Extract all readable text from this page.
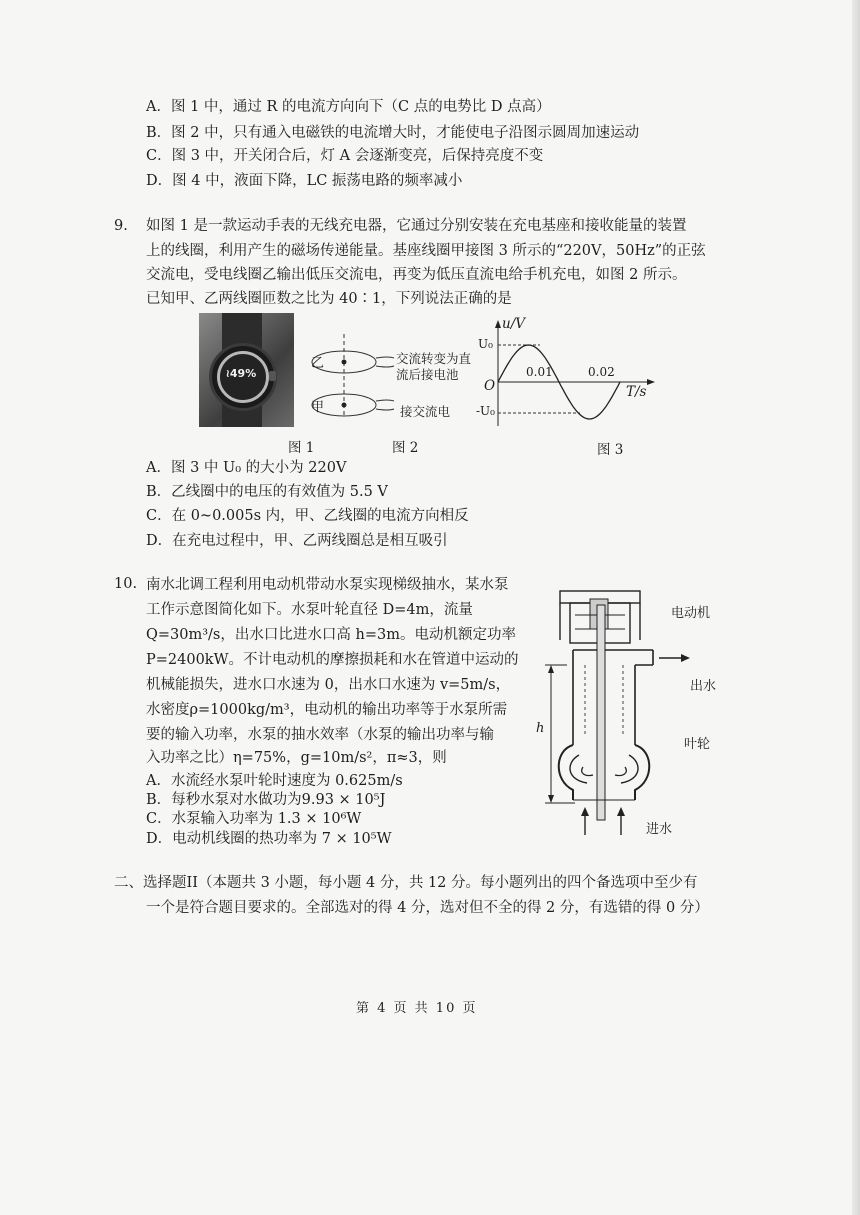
A．图 1 中，通过 R 的电流方向向下（C 点的电势比 D 点高）
B．图 2 中，只有通入电磁铁的电流增大时，才能使电子沿图示圆周加速运动
C．图 3 中，开关闭合后，灯 A 会逐渐变亮，后保持亮度不变
D．图 4 中，液面下降，LC 振荡电路的频率减小
9. 如图 1 是一款运动手表的无线充电器，它通过分别安装在充电基座和接收能量的装置
上的线圈，利用产生的磁场传递能量。基座线圈甲接图 3 所示的“220V，50Hz”的正弦
交流电，受电线圈乙输出低压交流电，再变为低压直流电给手机充电，如图 2 所示。
已知甲、乙两线圈匝数之比为 40∶1，下列说法正确的是
≀49%
乙
甲
交流转变为直
流后接电池
接交流电
u/V
U₀
-U₀
O
0.01	0.02
T/s
图 1	图 2	图 3
A．图 3 中 U₀ 的大小为 220V
B．乙线圈中的电压的有效值为 5.5 V
C．在 0~0.005s 内，甲、乙线圈的电流方向相反
D．在充电过程中，甲、乙两线圈总是相互吸引
10. 南水北调工程利用电动机带动水泵实现梯级抽水，某水泵
工作示意图简化如下。水泵叶轮直径 D=4m，流量
Q=30m³/s，出水口比进水口高 h=3m。电动机额定功率
P=2400kW。不计电动机的摩擦损耗和水在管道中运动的
机械能损失，进水口水速为 0，出水口水速为 v=5m/s，
水密度ρ=1000kg/m³，电动机的输出功率等于水泵所需
要的输入功率，水泵的抽水效率（水泵的输出功率与输
入功率之比）η=75%，g=10m/s²，π≈3，则
A．水流经水泵叶轮时速度为 0.625m/s
B．每秒水泵对水做功为9.93 × 10⁵J
C．水泵输入功率为 1.3 × 10⁶W
D．电动机线圈的热功率为 7 × 10⁵W
电动机
出水
叶轮
进水
h
二、选择题II（本题共 3 小题，每小题 4 分，共 12 分。每小题列出的四个备选项中至少有
一个是符合题目要求的。全部选对的得 4 分，选对但不全的得 2 分，有选错的得 0 分）
第 4 页 共 10 页
